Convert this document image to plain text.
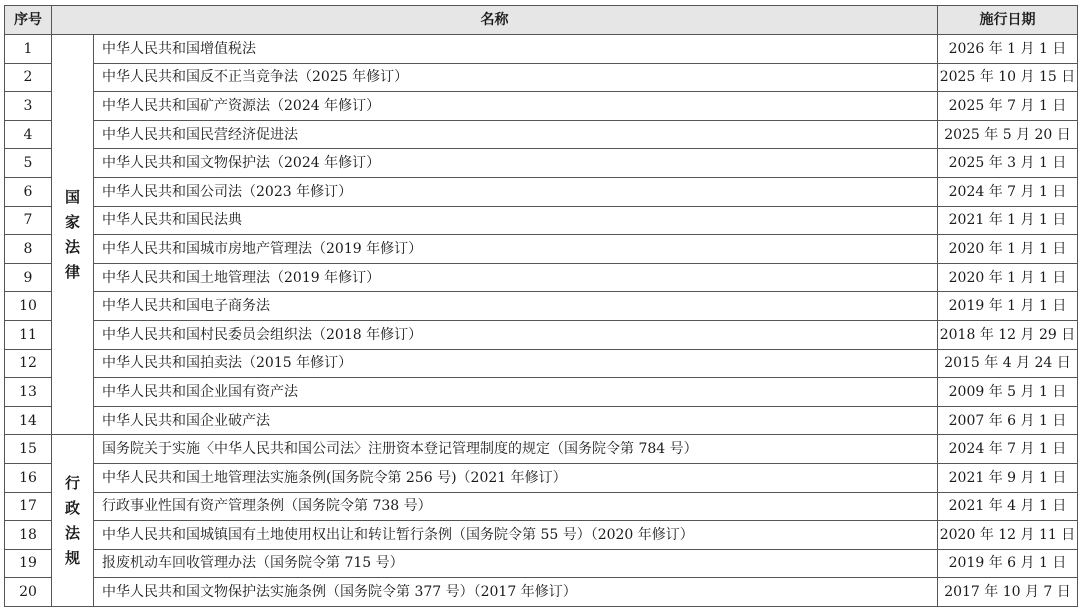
序号	名称		施行日期
1	国家法律	中华人民共和国增值税法	2026 年 1 月 1 日
2		中华人民共和国反不正当竞争法（2025 年修订）	2025 年 10 月 15 日
3		中华人民共和国矿产资源法（2024 年修订）	2025 年 7 月 1 日
4		中华人民共和国民营经济促进法	2025 年 5 月 20 日
5		中华人民共和国文物保护法（2024 年修订）	2025 年 3 月 1 日
6		中华人民共和国公司法（2023 年修订）	2024 年 7 月 1 日
7		中华人民共和国民法典	2021 年 1 月 1 日
8		中华人民共和国城市房地产管理法（2019 年修订）	2020 年 1 月 1 日
9		中华人民共和国土地管理法（2019 年修订）	2020 年 1 月 1 日
10		中华人民共和国电子商务法	2019 年 1 月 1 日
11		中华人民共和国村民委员会组织法（2018 年修订）	2018 年 12 月 29 日
12		中华人民共和国拍卖法（2015 年修订）	2015 年 4 月 24 日
13		中华人民共和国企业国有资产法	2009 年 5 月 1 日
14		中华人民共和国企业破产法	2007 年 6 月 1 日
15	行政法规	国务院关于实施〈中华人民共和国公司法〉注册资本登记管理制度的规定（国务院令第 784 号）	2024 年 7 月 1 日
16		中华人民共和国土地管理法实施条例(国务院令第 256 号)（2021 年修订）	2021 年 9 月 1 日
17		行政事业性国有资产管理条例（国务院令第 738 号）	2021 年 4 月 1 日
18		中华人民共和国城镇国有土地使用权出让和转让暂行条例（国务院令第 55 号）（2020 年修订）	2020 年 12 月 11 日
19		报废机动车回收管理办法（国务院令第 715 号）	2019 年 6 月 1 日
20		中华人民共和国文物保护法实施条例（国务院令第 377 号）（2017 年修订）	2017 年 10 月 7 日
